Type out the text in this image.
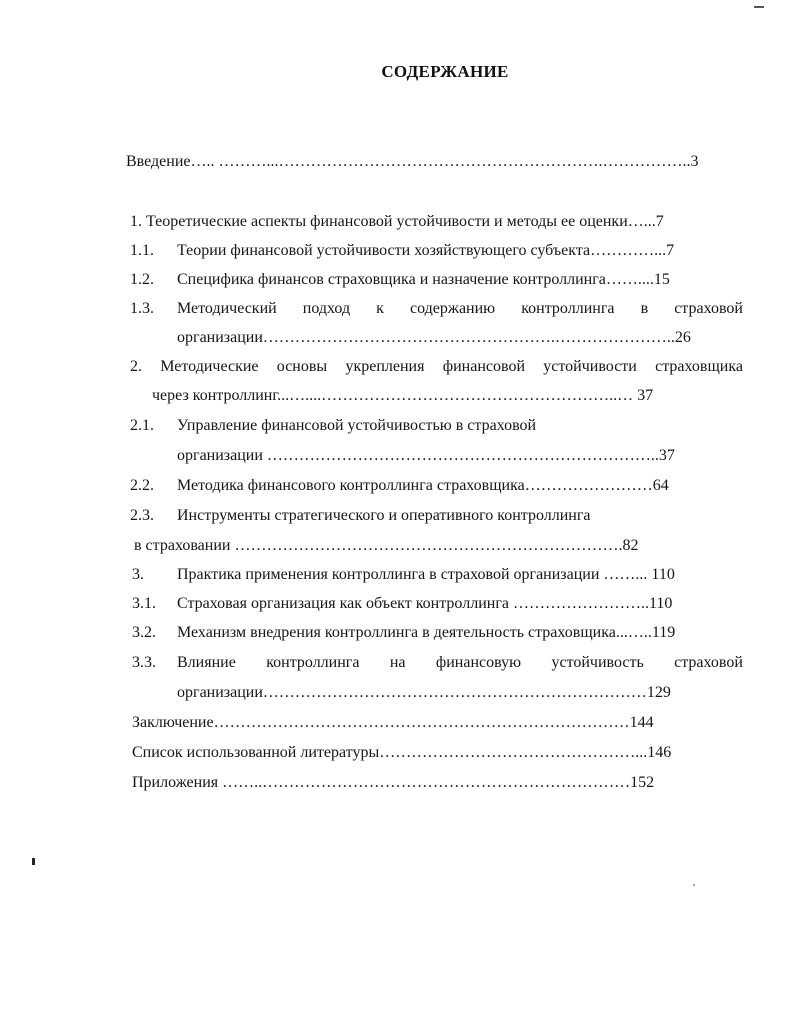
СОДЕРЖАНИЕ
Введение….. ………...…………………………………………………….……………..3
1. Теоретические аспекты финансовой устойчивости и методы ее оценки…...7
1.1. Теории финансовой устойчивости хозяйствующего субъекта…………...7
1.2. Специфика финансов страховщика и назначение контроллинга……....15
1.3. Методический подход к содержанию контроллинга в страховой
организации……………………………………………….…………………..26
2. Методические основы укрепления финансовой устойчивости страховщика
через контроллинг...…....………………………………………………..… 37
2.1. Управление финансовой устойчивостью в страховой
организации ………………………………………………………………..37
2.2. Методика финансового контроллинга страховщика……………………64
2.3. Инструменты стратегического и оперативного контроллинга
в страховании ……………………………………………………………….82
3. Практика применения контроллинга в страховой организации ……... 110
3.1. Страховая организация как объект контроллинга ……………………..110
3.2. Механизм внедрения контроллинга в деятельность страховщика...…..119
3.3. Влияние контроллинга на финансовую устойчивость страховой
организации………………………………………………………………129
Заключение……………………………………………………………………144
Список использованной литературы…………………………………………...146
Приложения ……..……………………………………………………………152
